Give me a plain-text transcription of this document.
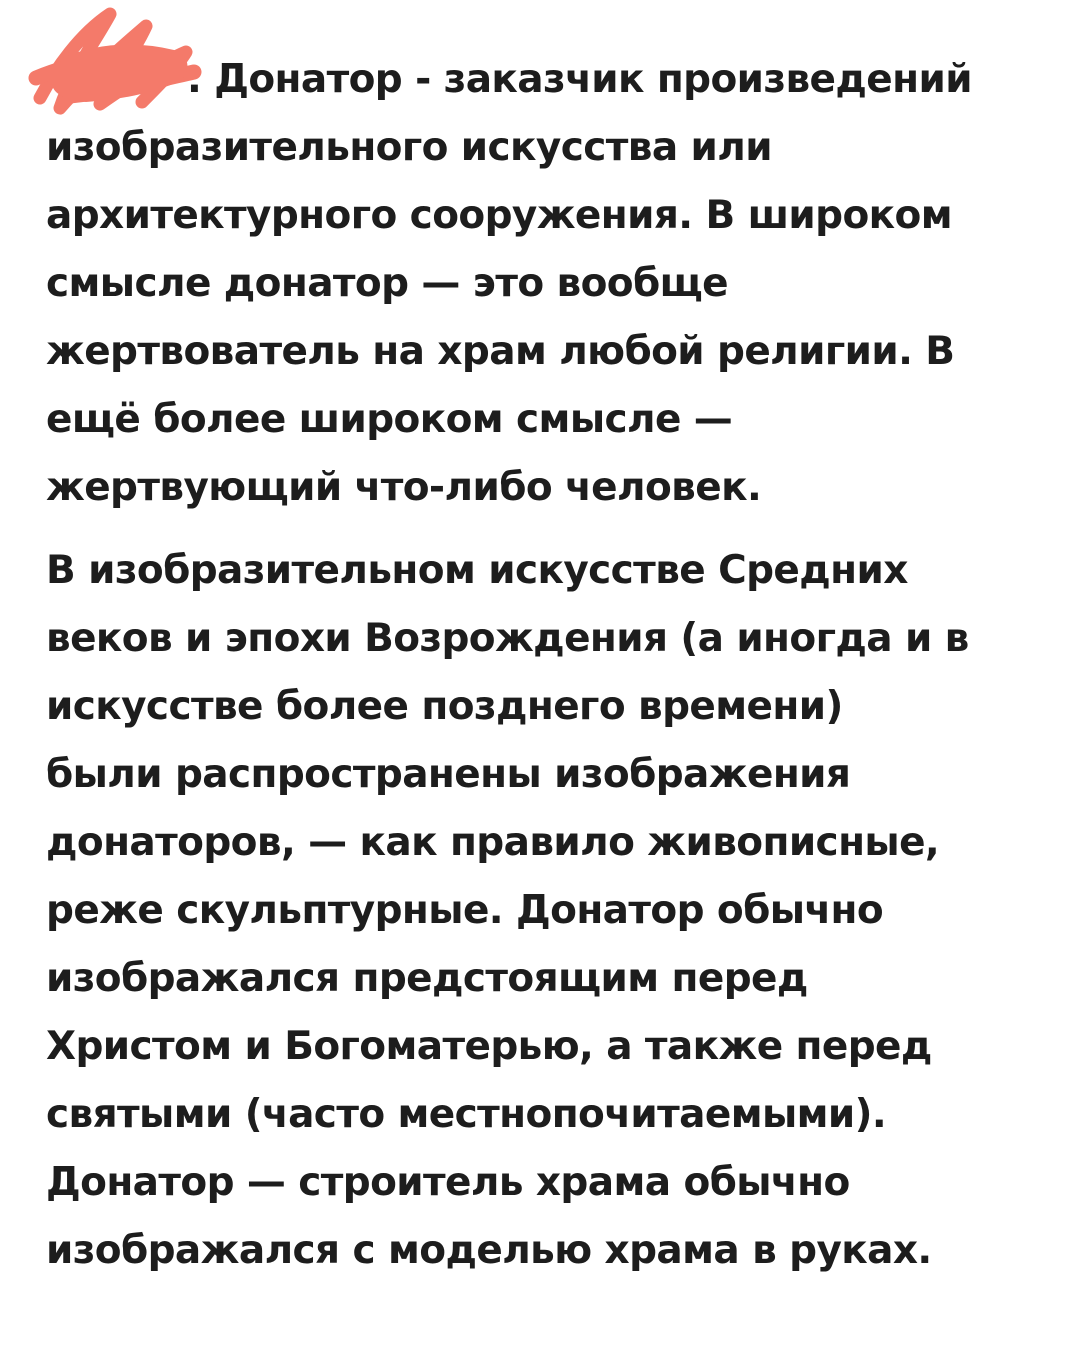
. Донатор - заказчик произведений
изобразительного искусства или
архитектурного сооружения. В широком
смысле донатор — это вообще
жертвователь на храм любой религии. В
ещё более широком смысле —
жертвующий что-либо человек.
В изобразительном искусстве Средних
веков и эпохи Возрождения (а иногда и в
искусстве более позднего времени)
были распространены изображения
донаторов, — как правило живописные,
реже скульптурные. Донатор обычно
изображался предстоящим перед
Христом и Богоматерью, а также перед
святыми (часто местнопочитаемыми).
Донатор — строитель храма обычно
изображался с моделью храма в руках.
